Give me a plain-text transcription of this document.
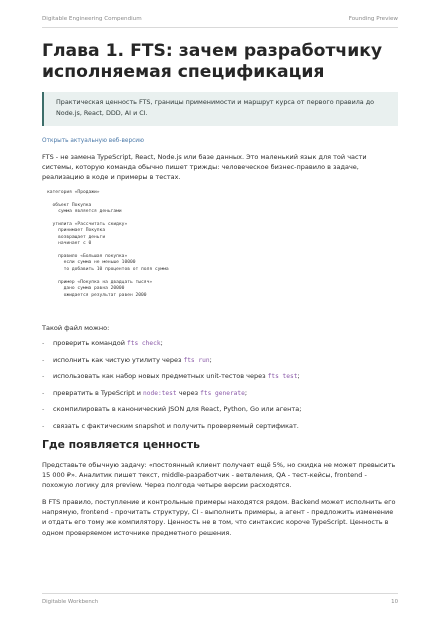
Digitable Engineering Compendium	Founding Preview
Глава 1. FTS: зачем разработчику исполняемая спецификация
Практическая ценность FTS, границы применимости и маршрут курса от первого правила до Node.js, React, DDD, AI и CI.
Открыть актуальную веб-версию

FTS - не замена TypeScript, React, Node.js или базе данных. Это маленький язык для той части системы, которую команда обычно пишет трижды: человеческое бизнес-правило в задаче, реализацию в коде и примеры в тестах.

категория «Продажи»

объект Покупка
сумма является деньгами

утилита «Рассчитать скидку»
принимает Покупка
возвращает деньги
начинает с 0

правило «Большая покупка»
если сумма не меньше 10000
то добавить 10 процентов от поля сумма

пример «Покупка на двадцать тысяч»
дано сумма равна 20000
ожидается результат равен 2000

Такой файл можно:

- проверить командой fts check;
- исполнить как чистую утилиту через fts run;
- использовать как набор новых предметных unit-тестов через fts test;
- превратить в TypeScript и node:test через fts generate;
- скомпилировать в канонический JSON для React, Python, Go или агента;
- связать с фактическим snapshot и получить проверяемый сертификат.
Где появляется ценность

Представьте обычную задачу: «постоянный клиент получает ещё 5%, но скидка не может превысить 15 000 ₽». Аналитик пишет текст, middle-разработчик - ветвления, QA - тест-кейсы, frontend - похожую логику для preview. Через полгода четыре версии расходятся.

В FTS правило, поступление и контрольные примеры находятся рядом. Backend может исполнить его напрямую, frontend - прочитать структуру, CI - выполнить примеры, а агент - предложить изменение и отдать его тому же компилятору. Ценность не в том, что синтаксис короче TypeScript. Ценность в одном проверяемом источнике предметного решения.

Digitable Workbench	10
